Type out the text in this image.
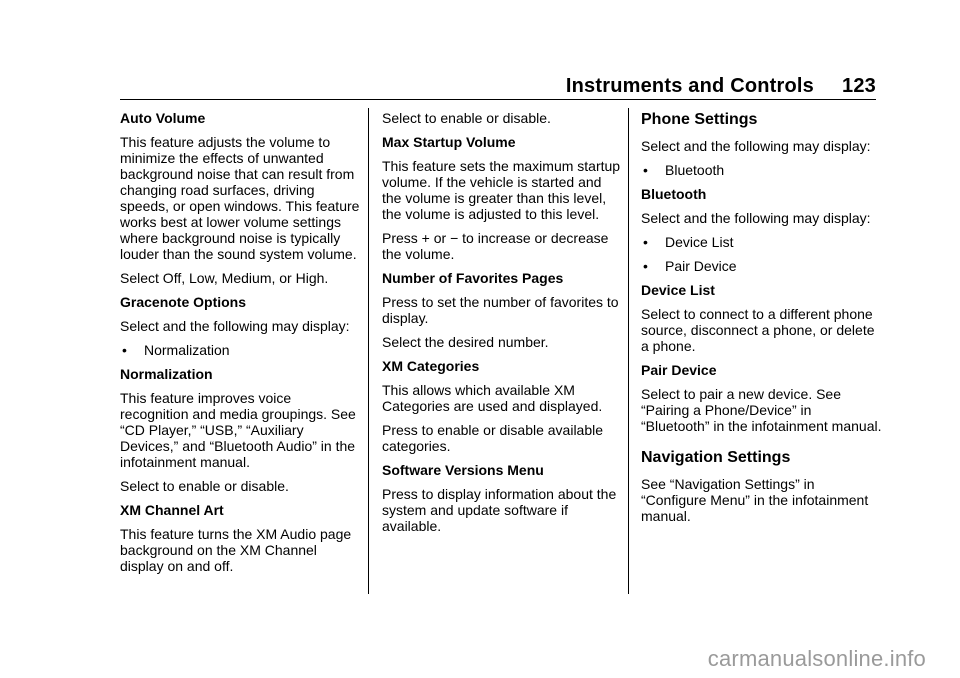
Instruments and Controls 123

Auto Volume

This feature adjusts the volume to minimize the effects of unwanted background noise that can result from changing road surfaces, driving speeds, or open windows. This feature works best at lower volume settings where background noise is typically louder than the sound system volume.

Select Off, Low, Medium, or High.

Gracenote Options

Select and the following may display:

•	Normalization

Normalization

This feature improves voice recognition and media groupings. See “CD Player,” “USB,” “Auxiliary Devices,” and “Bluetooth Audio” in the infotainment manual.

Select to enable or disable.

XM Channel Art

This feature turns the XM Audio page background on the XM Channel display on and off.

Select to enable or disable.

Max Startup Volume

This feature sets the maximum startup volume. If the vehicle is started and the volume is greater than this level, the volume is adjusted to this level.

Press + or − to increase or decrease the volume.

Number of Favorites Pages

Press to set the number of favorites to display.

Select the desired number.

XM Categories

This allows which available XM Categories are used and displayed.

Press to enable or disable available categories.

Software Versions Menu

Press to display information about the system and update software if available.

Phone Settings

Select and the following may display:

•	Bluetooth

Bluetooth

Select and the following may display:

•	Device List
•	Pair Device

Device List

Select to connect to a different phone source, disconnect a phone, or delete a phone.

Pair Device

Select to pair a new device. See “Pairing a Phone/Device” in “Bluetooth” in the infotainment manual.

Navigation Settings

See “Navigation Settings” in “Configure Menu” in the infotainment manual.

carmanualsonline.info
